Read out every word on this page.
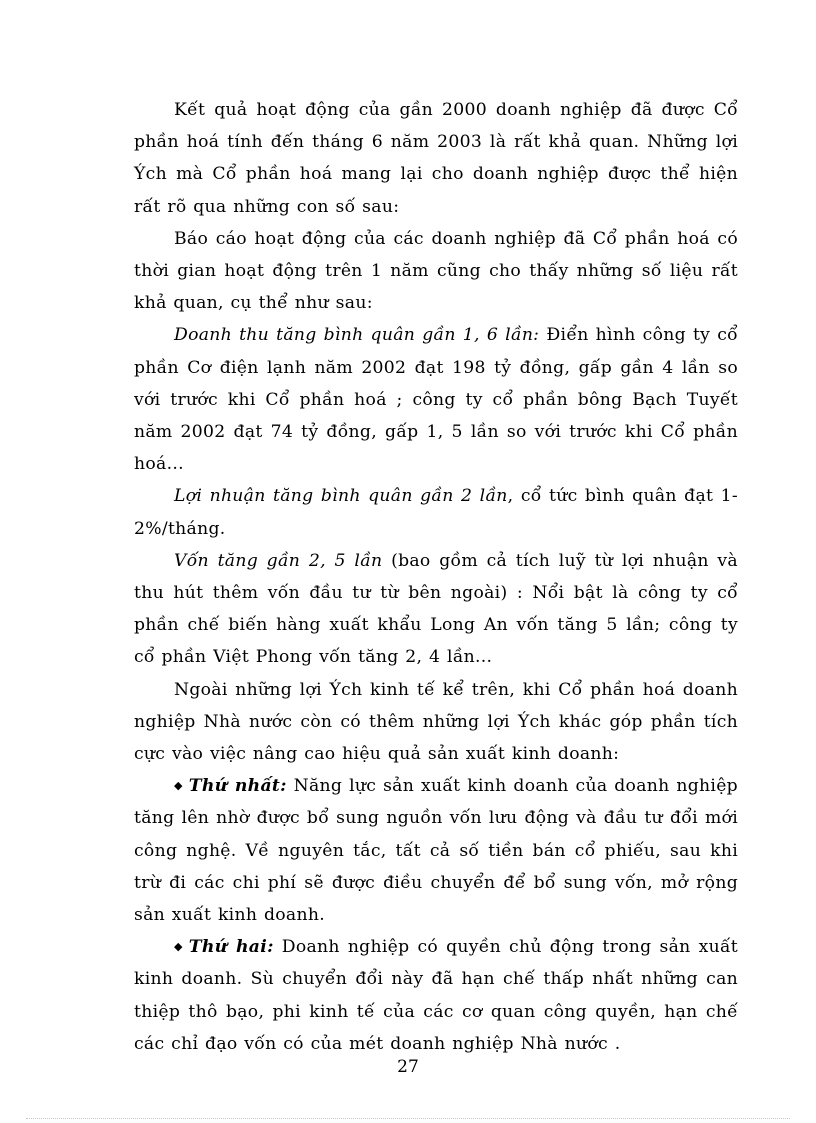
Kết quả hoạt động của gần 2000 doanh nghiệp đã được Cổ phần hoá tính đến tháng 6 năm 2003 là rất khả quan. Những lợi Ých mà Cổ phần hoá mang lại cho doanh nghiệp được thể hiện rất rõ qua những con số sau:

Báo cáo hoạt động của các doanh nghiệp đã Cổ phần hoá có thời gian hoạt động trên 1 năm cũng cho thấy những số liệu rất khả quan, cụ thể như sau:

Doanh thu tăng bình quân gần 1, 6 lần: Điển hình công ty cổ phần Cơ điện lạnh năm 2002 đạt 198 tỷ đồng, gấp gần 4 lần so với trước khi Cổ phần hoá ; công ty cổ phần bông Bạch Tuyết năm 2002 đạt 74 tỷ đồng, gấp 1, 5 lần so với trước khi Cổ phần hoá...

Lợi nhuận tăng bình quân gần 2 lần, cổ tức bình quân đạt 1-2%/tháng.

Vốn tăng gần 2, 5 lần (bao gồm cả tích luỹ từ lợi nhuận và thu hút thêm vốn đầu tư từ bên ngoài) : Nổi bật là công ty cổ phần chế biến hàng xuất khẩu Long An vốn tăng 5 lần; công ty cổ phần Việt Phong vốn tăng 2, 4 lần...

Ngoài những lợi Ých kinh tế kể trên, khi Cổ phần hoá doanh nghiệp Nhà nước còn có thêm những lợi Ých khác góp phần tích cực vào việc nâng cao hiệu quả sản xuất kinh doanh:

◆ Thứ nhất: Năng lực sản xuất kinh doanh của doanh nghiệp tăng lên nhờ được bổ sung nguồn vốn lưu động và đầu tư đổi mới công nghệ. Về nguyên tắc, tất cả số tiền bán cổ phiếu, sau khi trừ đi các chi phí sẽ được điều chuyển để bổ sung vốn, mở rộng sản xuất kinh doanh.

◆ Thứ hai: Doanh nghiệp có quyền chủ động trong sản xuất kinh doanh. Sù chuyển đổi này đã hạn chế thấp nhất những can thiệp thô bạo, phi kinh tế của các cơ quan công quyền, hạn chế các chỉ đạo vốn có của mét doanh nghiệp Nhà nước .

27
